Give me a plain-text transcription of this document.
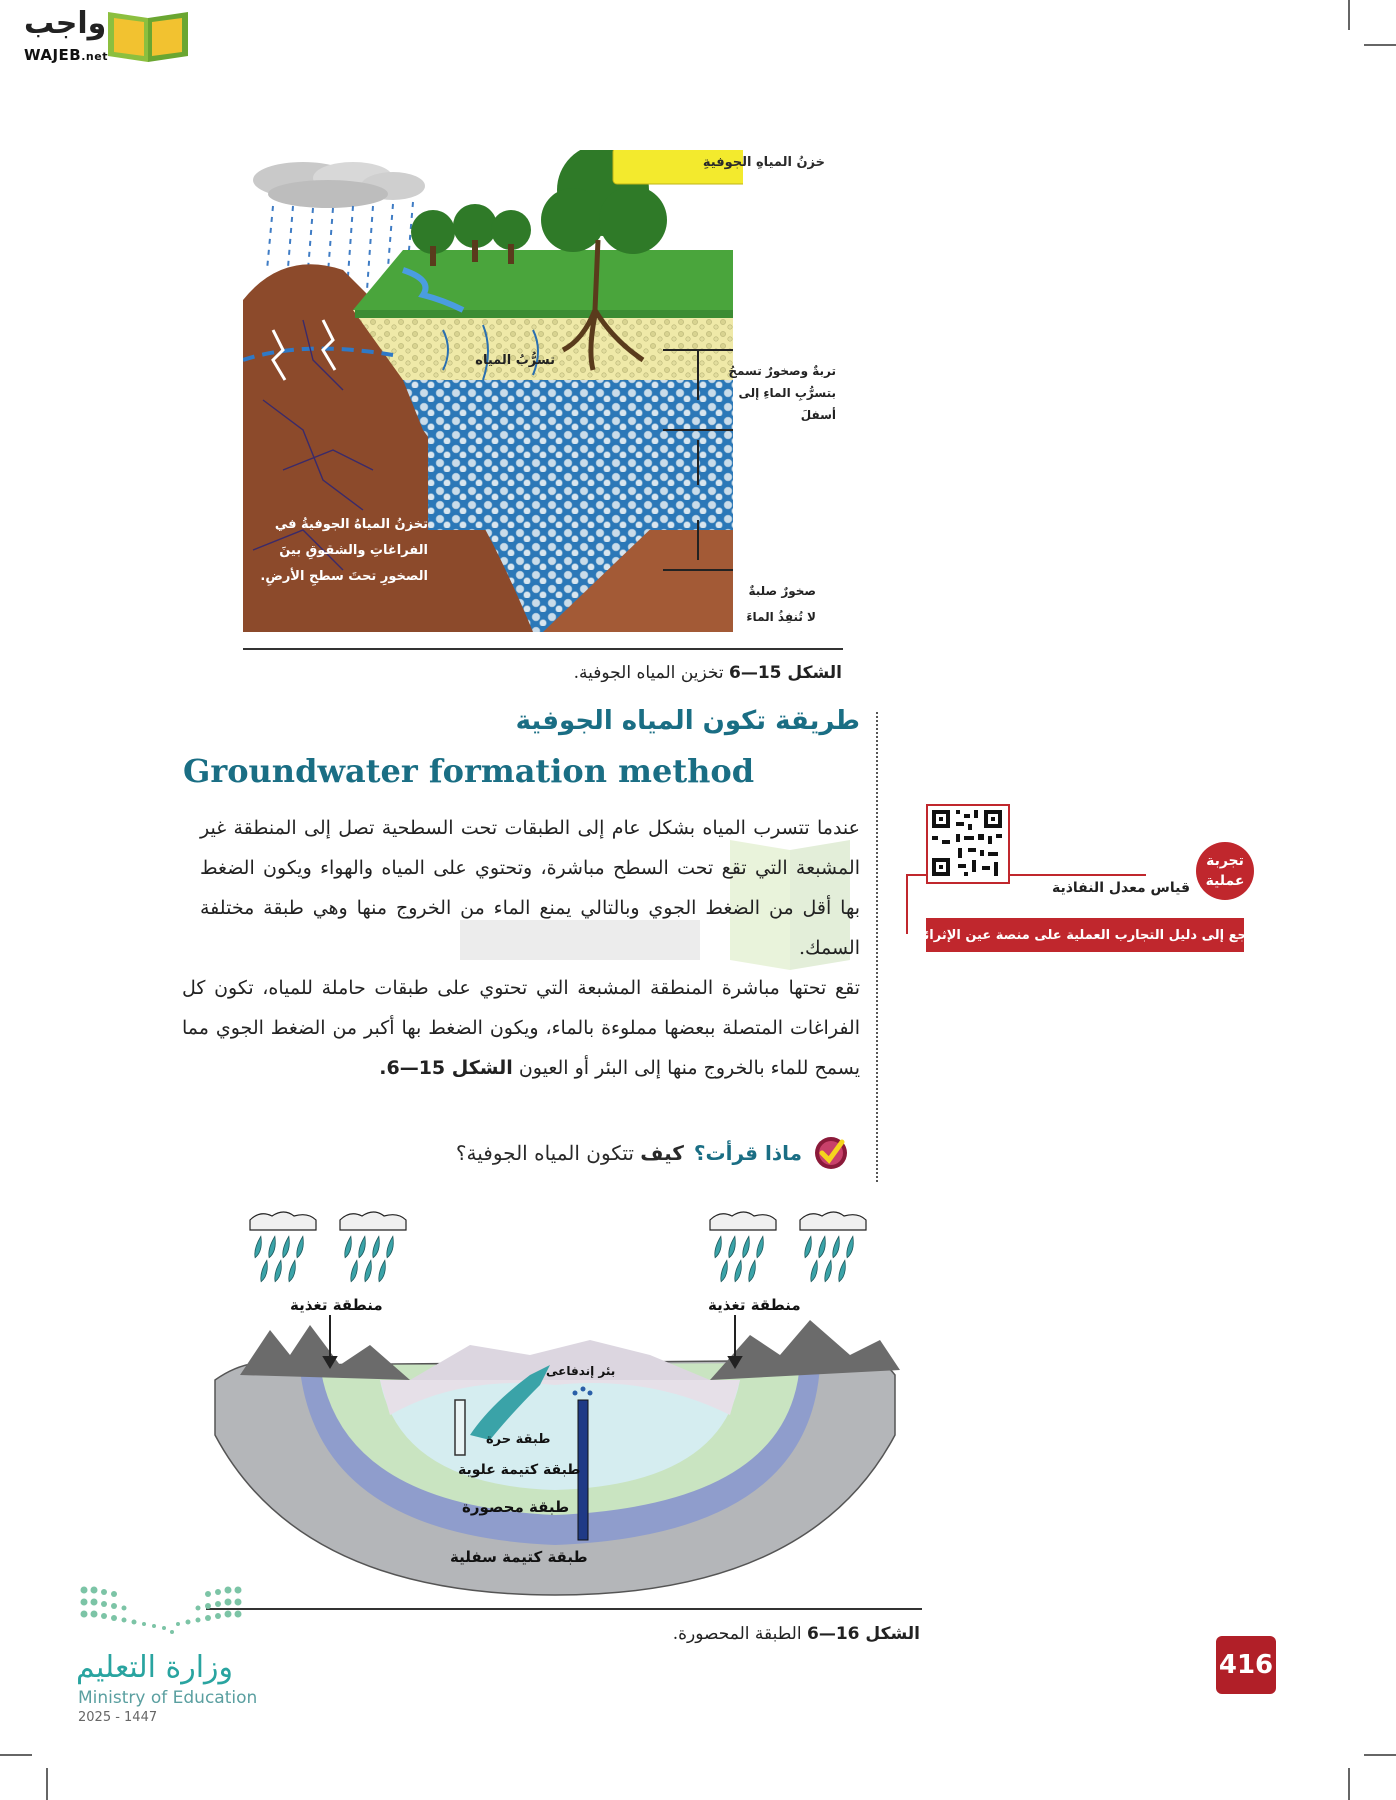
واجب
WAJEB.net
خزنُ المياهِ الجوفيةِ
تسرُّبُ المياه
تربةٌ وصخورٌ تسمحُ
بتسرُّبِ الماءِ إلى أسفلَ
تخزنُ المياهُ الجوفيةُ في
الفراغاتِ والشقوقِ بينَ
الصخورِ تحتَ سطحِ الأرضِ.
صخورٌ صلبةٌ
لا تُنفِذُ الماءَ
الشكل 15—6 تخزين المياه الجوفية.
طريقة تكون المياه الجوفية
Groundwater formation method
عندما تتسرب المياه بشكل عام إلى الطبقات تحت السطحية تصل إلى المنطقة غير المشبعة التي تقع تحت السطح مباشرة، وتحتوي على المياه والهواء ويكون الضغط بها أقل من الضغط الجوي وبالتالي يمنع الماء من الخروج منها وهي طبقة مختلفة السمك.
تقع تحتها مباشرة المنطقة المشبعة التي تحتوي على طبقات حاملة للمياه، تكون كل الفراغات المتصلة ببعضها مملوءة بالماء، ويكون الضغط بها أكبر من الضغط الجوي مما يسمح للماء بالخروج منها إلى البئر أو العيون الشكل 15—6.
ماذا قرأت؟
كيف تتكون المياه الجوفية؟
قياس معدل النفاذية
ارجع إلى دليل التجارب العملية على منصة عين الإثرائية
تجربة
عملية
منطقة تغذية	منطقة تغذية
بئر إندفاعى
طبقة حرة
طبقة كتيمة علوية
طبقة محصورة
طبقة كتيمة سفلية
الشكل 16—6 الطبقة المحصورة.
وزارة التعليم
Ministry of Education
2025 - 1447
416
